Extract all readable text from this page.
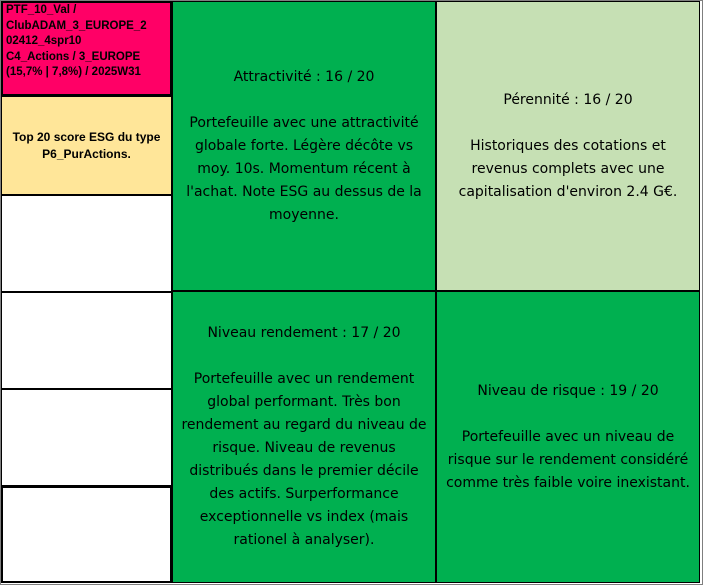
PTF_10_Val /
ClubADAM_3_EUROPE_2
02412_4spr10
C4_Actions / 3_EUROPE
(15,7% | 7,8%) / 2025W31
Top 20 score ESG du type P6_PurActions.
Attractivité : 16 / 20
Portefeuille avec une attractivité globale forte. Légère décôte vs moy. 10s. Momentum récent à l'achat. Note ESG au dessus de la moyenne.
Pérennité : 16 / 20
Historiques des cotations et revenus complets avec une capitalisation d'environ 2.4 G€.
Niveau rendement : 17 / 20
Portefeuille avec un rendement global performant. Très bon rendement au regard du niveau de risque. Niveau de revenus distribués dans le premier décile des actifs. Surperformance exceptionnelle vs index (mais rationel à analyser).
Niveau de risque : 19 / 20
Portefeuille avec un niveau de risque sur le rendement considéré comme très faible voire inexistant.
